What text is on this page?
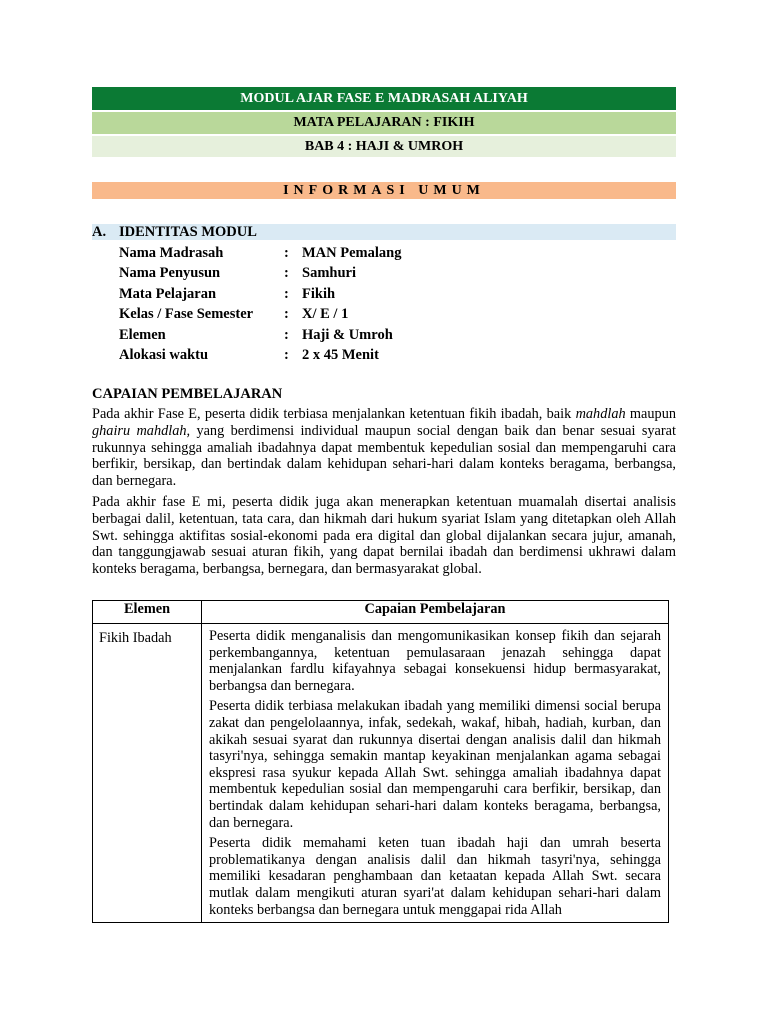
MODUL AJAR FASE E MADRASAH ALIYAH
MATA PELAJARAN : FIKIH
BAB 4 : HAJI & UMROH
INFORMASI UMUM
A. IDENTITAS MODUL
Nama Madrasah	: MAN Pemalang
Nama Penyusun	: Samhuri
Mata Pelajaran	: Fikih
Kelas / Fase Semester : X/ E / 1
Elemen	: Haji & Umroh
Alokasi waktu	: 2 x 45 Menit
CAPAIAN PEMBELAJARAN

Pada akhir Fase E, peserta didik terbiasa menjalankan ketentuan fikih ibadah, baik mahdlah maupun ghairu mahdlah, yang berdimensi individual maupun social dengan baik dan benar sesuai syarat rukunnya sehingga amaliah ibadahnya dapat membentuk kepedulian sosial dan mempengaruhi cara berfikir, bersikap, dan bertindak dalam kehidupan sehari-hari dalam konteks beragama, berbangsa, dan bernegara.

Pada akhir fase E mi, peserta didik juga akan menerapkan ketentuan muamalah disertai analisis berbagai dalil, ketentuan, tata cara, dan hikmah dari hukum syariat Islam yang ditetapkan oleh Allah Swt. sehingga aktifitas sosial-ekonomi pada era digital dan global dijalankan secara jujur, amanah, dan tanggungjawab sesuai aturan fikih, yang dapat bernilai ibadah dan berdimensi ukhrawi dalam konteks beragama, berbangsa, bernegara, dan bermasyarakat global.

Elemen	Capaian Pembelajaran
Fikih Ibadah	Peserta didik menganalisis dan mengomunikasikan konsep fikih dan sejarah perkembangannya, ketentuan pemulasaraan jenazah sehingga dapat menjalankan fardlu kifayahnya sebagai konsekuensi hidup bermasyarakat, berbangsa dan bernegara.

Peserta didik terbiasa melakukan ibadah yang memiliki dimensi social berupa zakat dan pengelolaannya, infak, sedekah, wakaf, hibah, hadiah, kurban, dan akikah sesuai syarat dan rukunnya disertai dengan analisis dalil dan hikmah tasyri'nya, sehingga semakin mantap keyakinan menjalankan agama sebagai ekspresi rasa syukur kepada Allah Swt. sehingga amaliah ibadahnya dapat membentuk kepedulian sosial dan mempengaruhi cara berfikir, bersikap, dan bertindak dalam kehidupan sehari-hari dalam konteks beragama, berbangsa, dan bernegara.

Peserta didik memahami keten tuan ibadah haji dan umrah beserta problematikanya dengan analisis dalil dan hikmah tasyri'nya, sehingga memiliki kesadaran penghambaan dan ketaatan kepada Allah Swt. secara mutlak dalam mengikuti aturan syari'at dalam kehidupan sehari-hari dalam konteks berbangsa dan bernegara untuk menggapai rida Allah
